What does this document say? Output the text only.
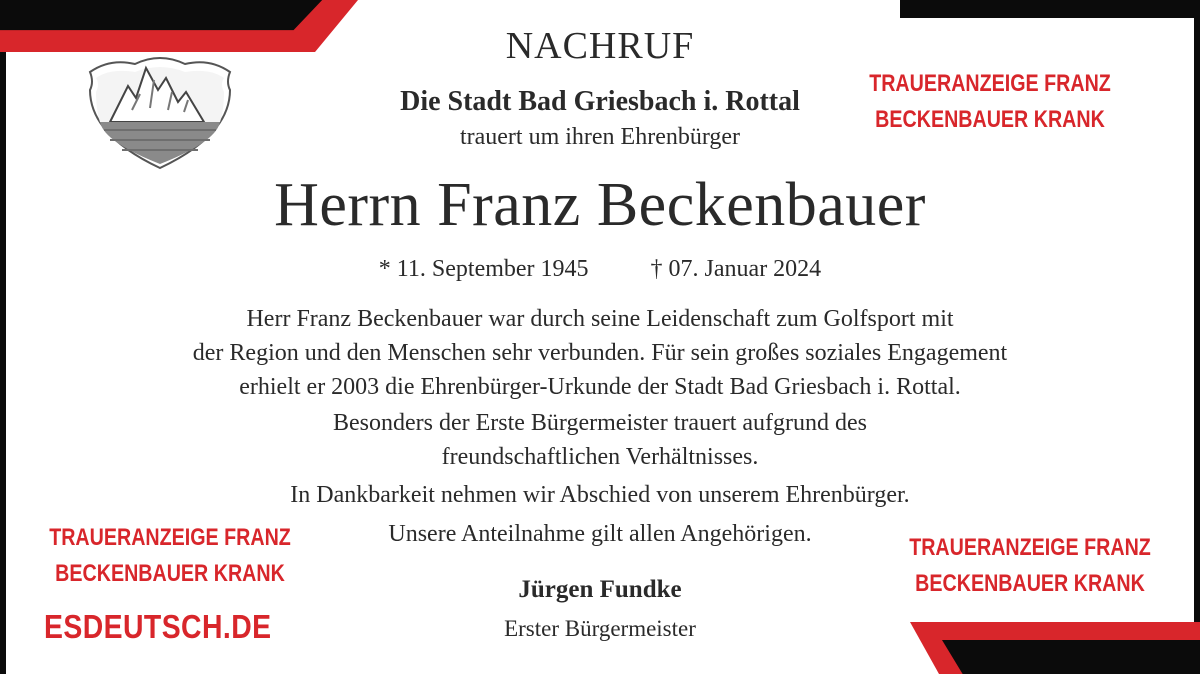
NACHRUF
Die Stadt Bad Griesbach i. Rottal
trauert um ihren Ehrenbürger
Herrn Franz Beckenbauer
* 11. September 1945	† 07. Januar 2024
Herr Franz Beckenbauer war durch seine Leidenschaft zum Golfsport mit
der Region und den Menschen sehr verbunden. Für sein großes soziales Engagement
erhielt er 2003 die Ehrenbürger-Urkunde der Stadt Bad Griesbach i. Rottal.
Besonders der Erste Bürgermeister trauert aufgrund des
freundschaftlichen Verhältnisses.
In Dankbarkeit nehmen wir Abschied von unserem Ehrenbürger.
Unsere Anteilnahme gilt allen Angehörigen.
Jürgen Fundke
Erster Bürgermeister
TRAUERANZEIGE FRANZ
BECKENBAUER KRANK
TRAUERANZEIGE FRANZ
BECKENBAUER KRANK
TRAUERANZEIGE FRANZ
BECKENBAUER KRANK
ESDEUTSCH.DE
